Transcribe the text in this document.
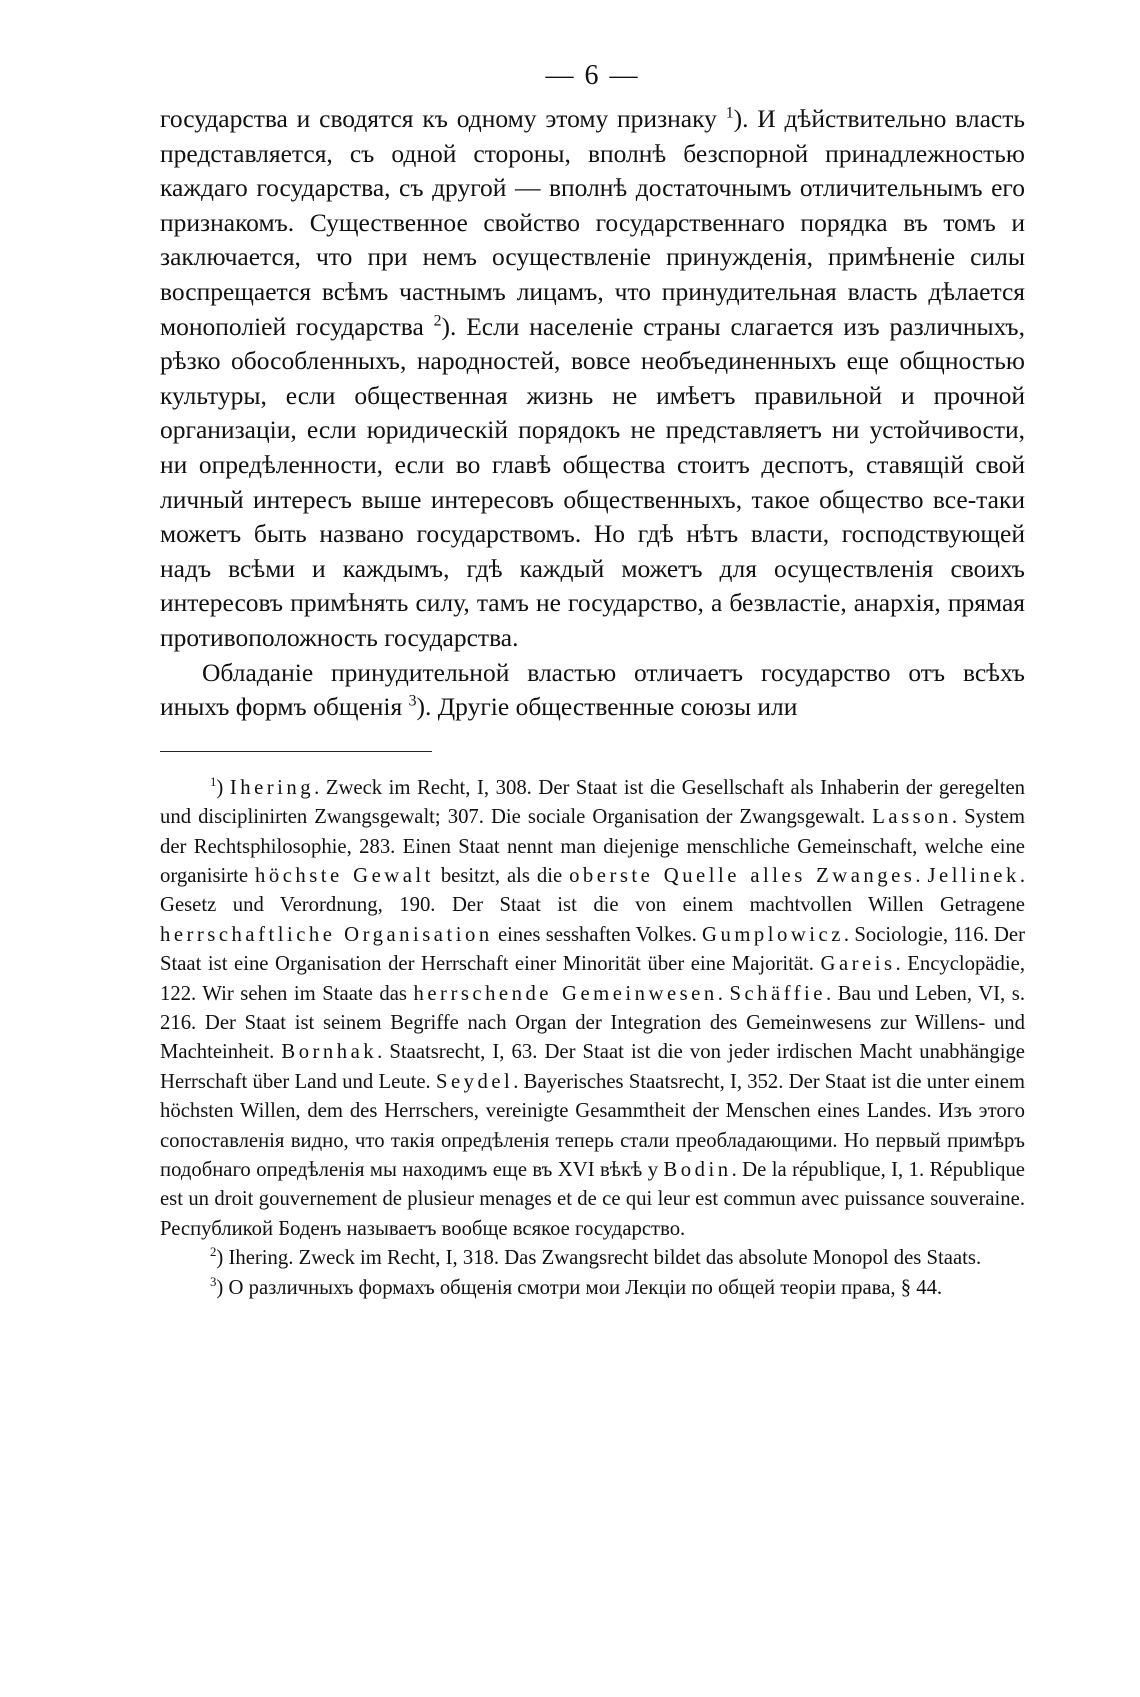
— 6 —

государства и сводятся къ одному этому признаку $^1$). И дѣйствительно власть представляется, съ одной стороны, вполнѣ безспорной принадлежностью каждаго государства, съ другой — вполнѣ достаточнымъ отличительнымъ его признакомъ. Существенное свойство государственнаго порядка въ томъ и заключается, что при немъ осуществленіе принужденія, примѣненіе силы воспрещается всѣмъ частнымъ лицамъ, что принудительная власть дѣлается монополіей государства $^2$). Если населеніе страны слагается изъ различныхъ, рѣзко обособленныхъ, народностей, вовсе необъединенныхъ еще общностью культуры, если общественная жизнь не имѣетъ правильной и прочной организаціи, если юридическій порядокъ не представляетъ ни устойчивости, ни опредѣленности, если во главѣ общества стоитъ деспотъ, ставящій свой личный интересъ выше интересовъ общественныхъ, такое общество все-таки можетъ быть названо государствомъ. Но гдѣ нѣтъ власти, господствующей надъ всѣми и каждымъ, гдѣ каждый можетъ для осуществленія своихъ интересовъ примѣнять силу, тамъ не государство, а безвластіе, анархія, прямая противоположность государства.

Обладаніе принудительной властью отличаетъ государство отъ всѣхъ иныхъ формъ общенія $^3$). Другіе общественные союзы или

$^1$) Ihering. Zweck im Recht, I, 308. Der Staat ist die Gesellschaft als Inhaberin der geregelten und disciplinirten Zwangsgewalt; 307. Die sociale Organisation der Zwangsgewalt. Lasson. System der Rechtsphilosophie, 283. Einen Staat nennt man diejenige menschliche Gemeinschaft, welche eine organisirte höchste Gewalt besitzt, als die oberste Quelle alles Zwanges. Jellinek. Gesetz und Verordnung, 190. Der Staat ist die von einem machtvollen Willen Getragene herrschaftliche Organisation eines sesshaften Volkes. Gumplowicz. Sociologie, 116. Der Staat ist eine Organisation der Herrschaft einer Minorität über eine Majorität. Gareis. Encyclopädie, 122. Wir sehen im Staate das herrschende Gemeinwesen. Schäffie. Bau und Leben, VI, s. 216. Der Staat ist seinem Begriffe nach Organ der Integration des Gemeinwesens zur Willens- und Machteinheit. Bornhak. Staatsrecht, I, 63. Der Staat ist die von jeder irdischen Macht unabhängige Herrschaft über Land und Leute. Seydel. Bayerisches Staatsrecht, I, 352. Der Staat ist die unter einem höchsten Willen, dem des Herrschers, vereinigte Gesammtheit der Menschen eines Landes. Изъ этого сопоставленія видно, что такія опредѣленія теперь стали преобладающими. Но первый примѣръ подобнаго опредѣленія мы находимъ еще въ XVI вѣкѣ у Bodin. De la république, I, 1. République est un droit gouvernement de plusieur menages et de ce qui leur est commun avec puissance souveraine. Республикой Боденъ называетъ вообще всякое государство.

$^2$) Ihering. Zweck im Recht, I, 318. Das Zwangsrecht bildet das absolute Monopol des Staats.

$^3$) О различныхъ формахъ общенія смотри мои Лекціи по общей теоріи права, § 44.
